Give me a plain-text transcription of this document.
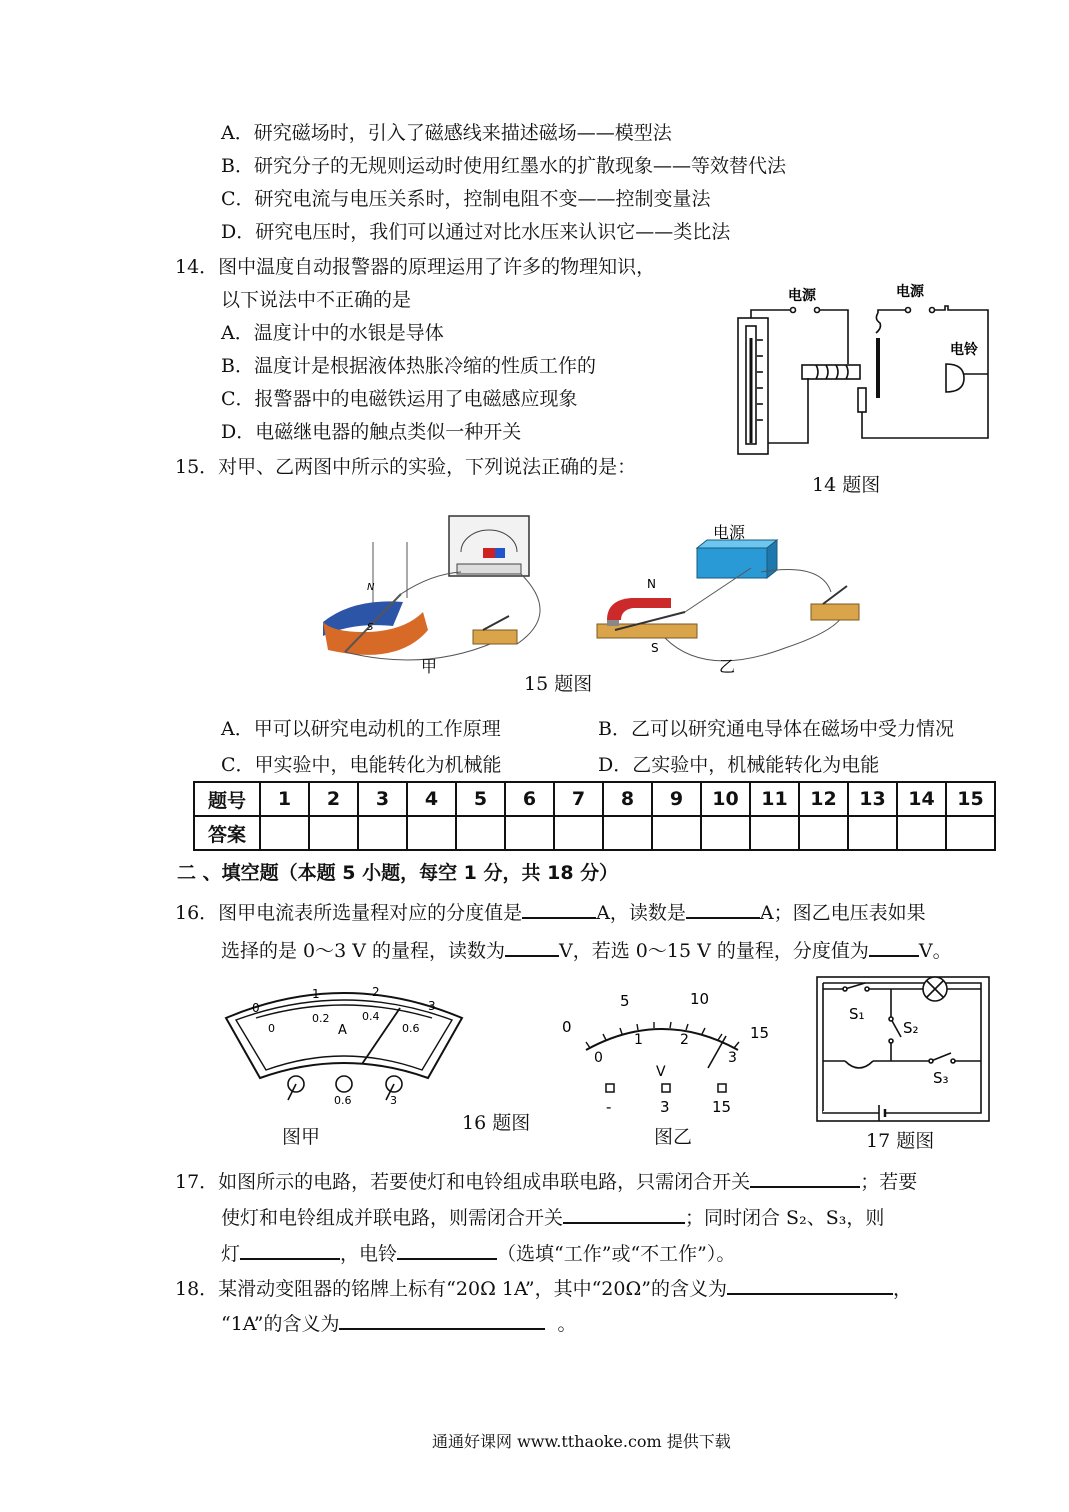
A．研究磁场时，引入了磁感线来描述磁场——模型法
B．研究分子的无规则运动时使用红墨水的扩散现象——等效替代法
C．研究电流与电压关系时，控制电阻不变——控制变量法
D．研究电压时，我们可以通过对比水压来认识它——类比法
14．图中温度自动报警器的原理运用了许多的物理知识，
以下说法中不正确的是
A．温度计中的水银是导体
B．温度计是根据液体热胀冷缩的性质工作的
C．报警器中的电磁铁运用了电磁感应现象
D．电磁继电器的触点类似一种开关
电源	电源
电铃
14 题图
15．对甲、乙两图中所示的实验，下列说法正确的是：
N
S
N
S
电源
甲	乙
15 题图
A．甲可以研究电动机的工作原理	B．乙可以研究通电导体在磁场中受力情况
C．甲实验中，电能转化为机械能	D．乙实验中，机械能转化为电能
题号	1	2	3	4	5	6	7	8	9	10	11	12	13	14	15
答案															
二 、填空题（本题 5 小题，每空 1 分，共 18 分）
16．图甲电流表所选量程对应的分度值是	A，读数是	A；图乙电压表如果
选择的是 0～3 V 的量程，读数为	V，若选 0～15 V 的量程，分度值为	V。
0
1	2
3
0
0.2	0.4
0.6
A
0.6	3
图甲
16 题图
0
5	10
15
0
1	2
3
V
-	3	15
图乙
S₁
S₂
S₃
17 题图
17．如图所示的电路，若要使灯和电铃组成串联电路，只需闭合开关	；若要
使灯和电铃组成并联电路，则需闭合开关	；同时闭合 S₂、S₃，则
灯	，电铃	（选填“工作”或“不工作”）。
18．某滑动变阻器的铭牌上标有“20Ω 1A”，其中“20Ω”的含义为	，
“1A”的含义为	。
通通好课网 www.tthaoke.com 提供下载
